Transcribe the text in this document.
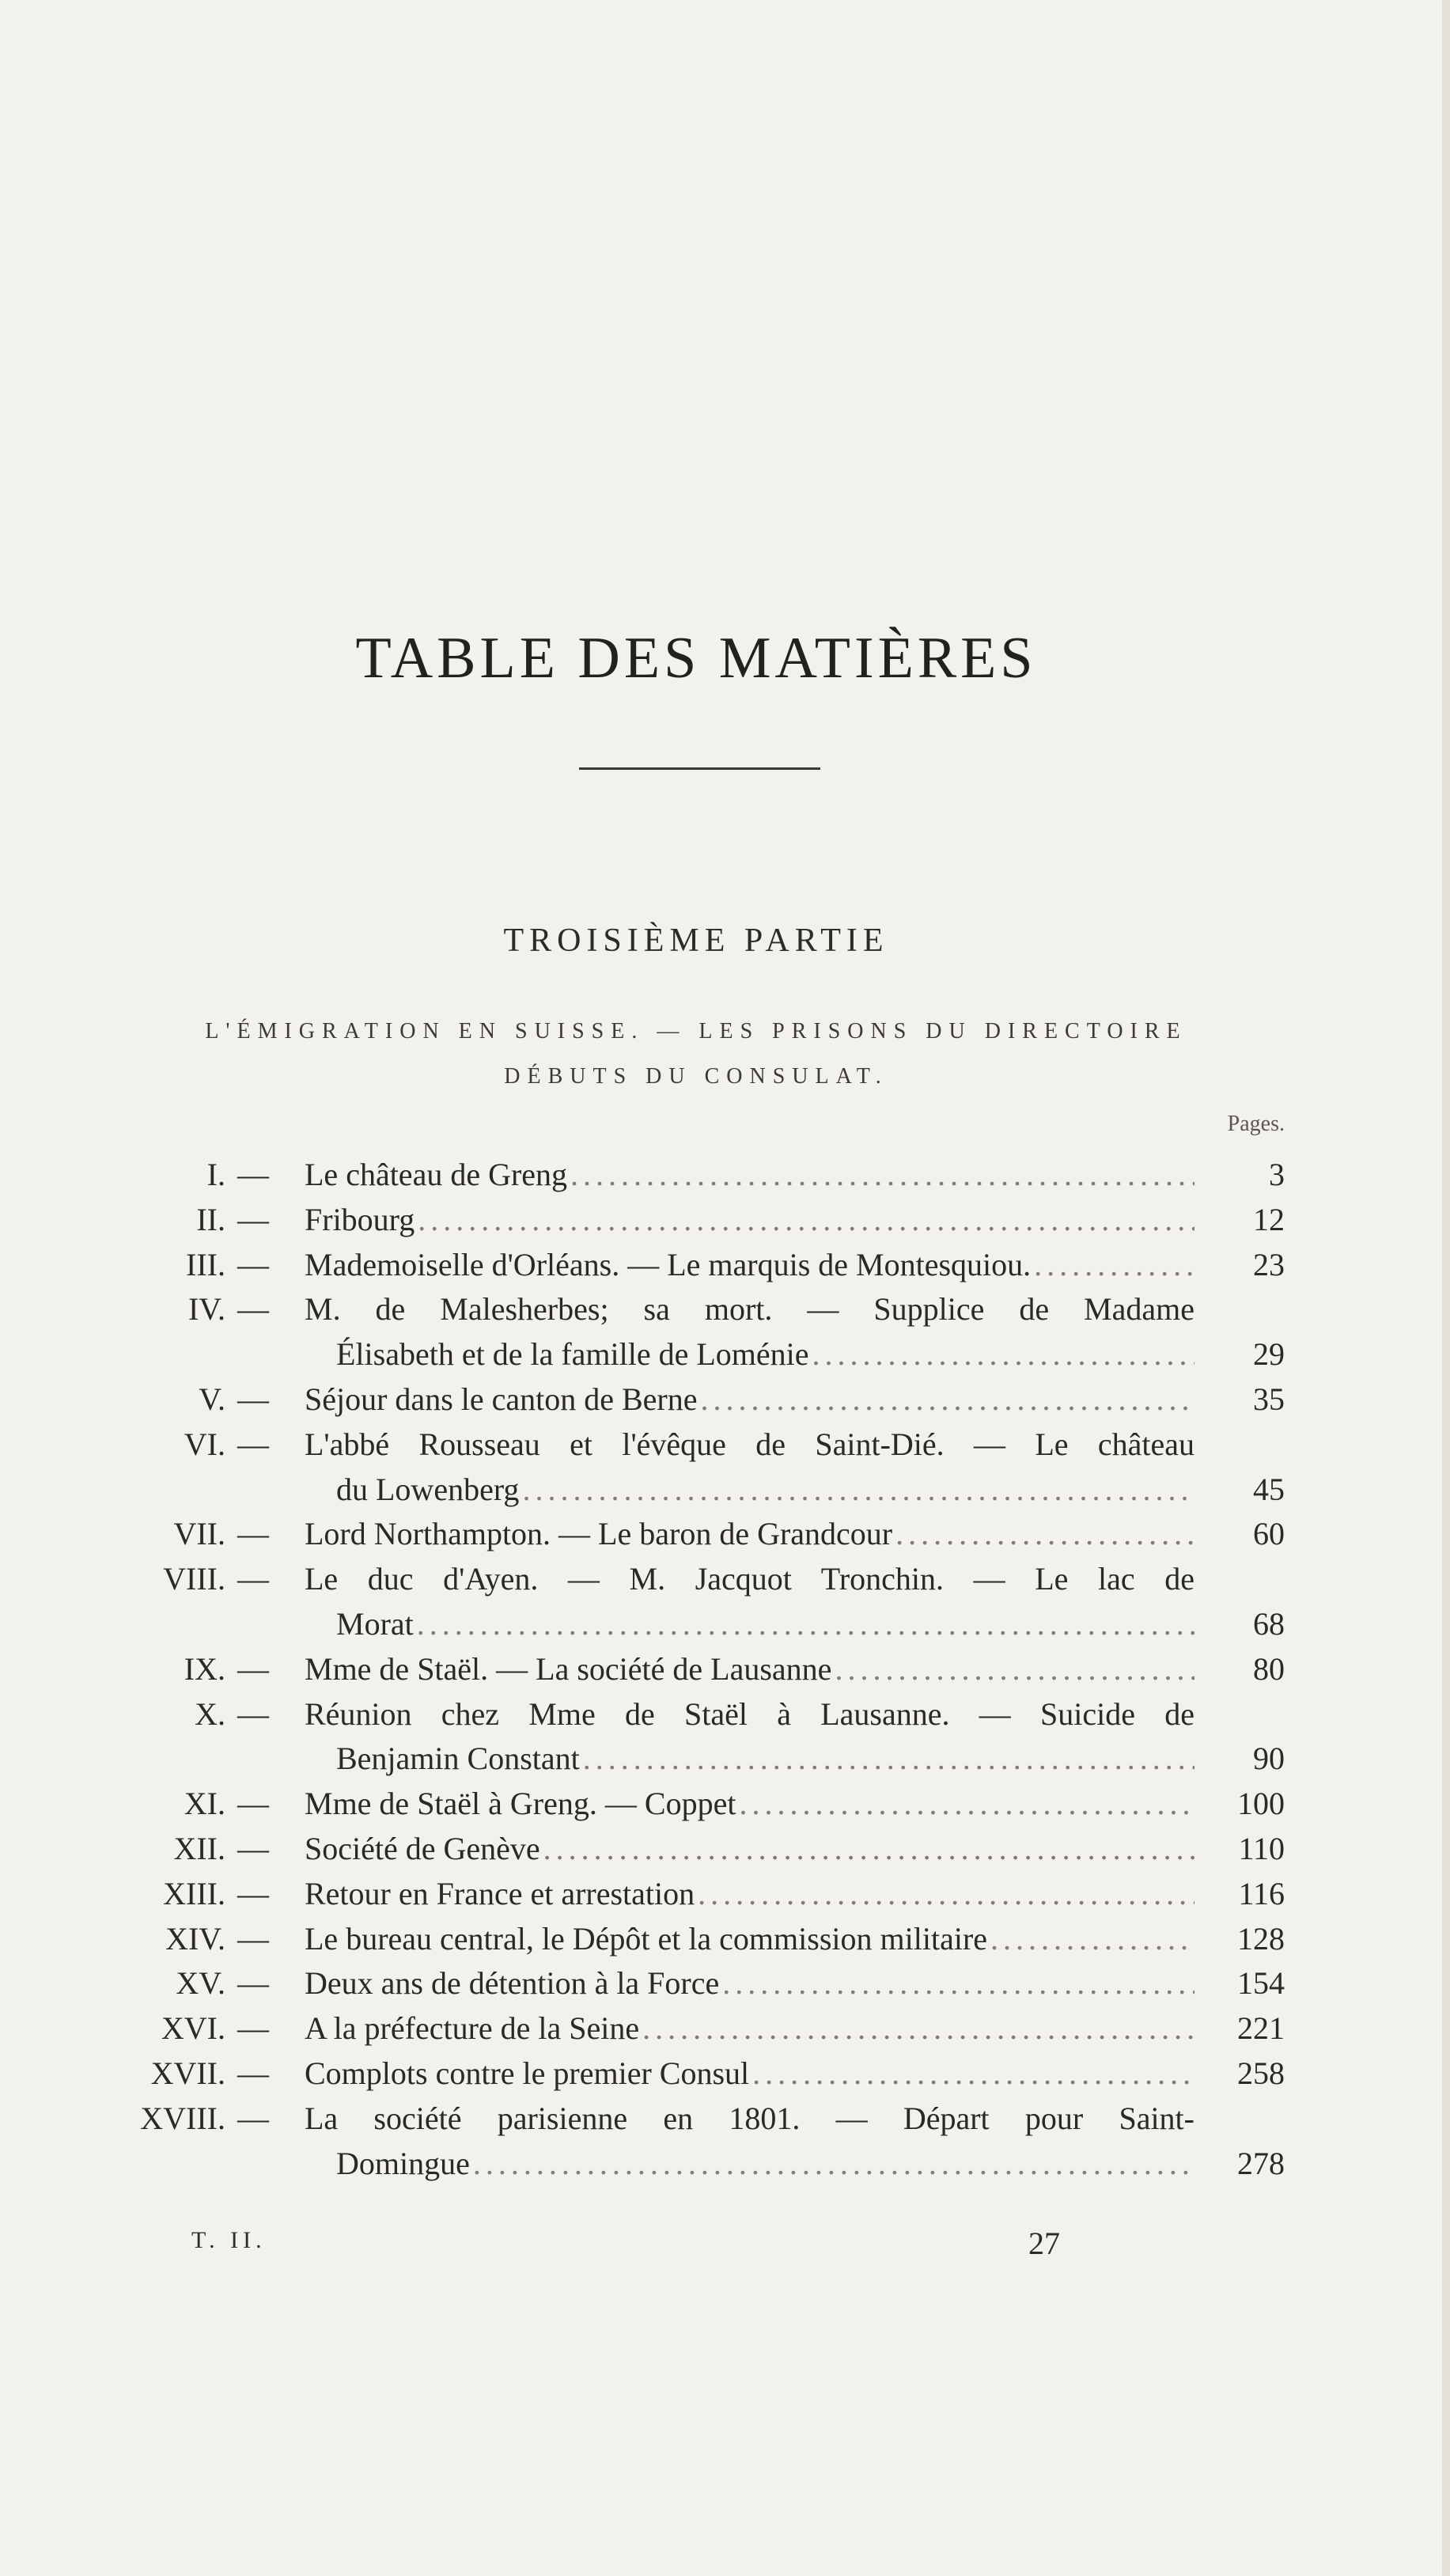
TABLE DES MATIÈRES
TROISIÈME PARTIE
L'ÉMIGRATION EN SUISSE. — LES PRISONS DU DIRECTOIRE
DÉBUTS DU CONSULAT.
Pages.
I. —	Le château de Greng .....	3
II. —	Fribourg .....	12
III. —	Mademoiselle d'Orléans. — Le marquis de Montesquiou. .....	23
IV. —	M. de Malesherbes; sa mort. — Supplice de Madame
Élisabeth et de la famille de Loménie .....	29
V. —	Séjour dans le canton de Berne .....	35
VI. —	L'abbé Rousseau et l'évêque de Saint-Dié. — Le château
du Lowenberg .....	45
VII. —	Lord Northampton. — Le baron de Grandcour .....	60
VIII. —	Le duc d'Ayen. — M. Jacquot Tronchin. — Le lac de
Morat .....	68
IX. —	Mme de Staël. — La société de Lausanne .....	80
X. —	Réunion chez Mme de Staël à Lausanne. — Suicide de
Benjamin Constant .....	90
XI. —	Mme de Staël à Greng. — Coppet .....	100
XII. —	Société de Genève .....	110
XIII. —	Retour en France et arrestation .....	116
XIV. —	Le bureau central, le Dépôt et la commission militaire .....	128
XV. —	Deux ans de détention à la Force .....	154
XVI. —	A la préfecture de la Seine .....	221
XVII. —	Complots contre le premier Consul .....	258
XVIII. —	La société parisienne en 1801. — Départ pour Saint-
Domingue .....	278
T. II.	27
